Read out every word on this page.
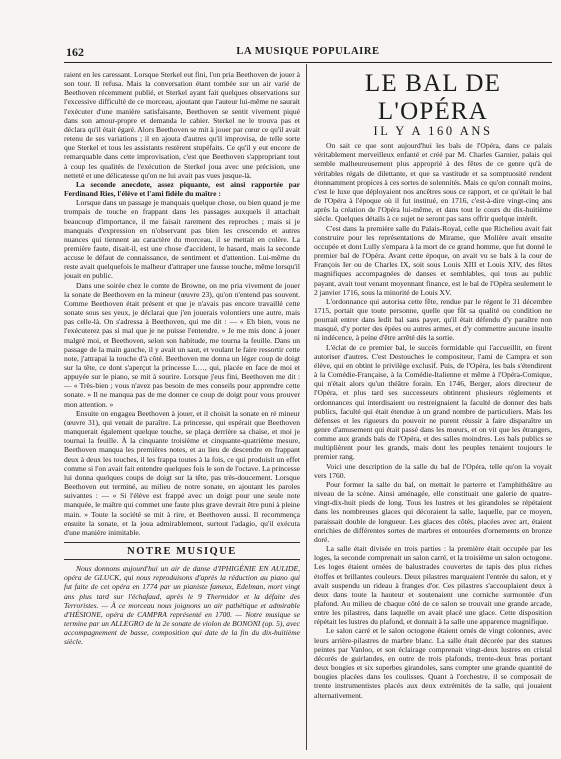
162	LA MUSIQUE POPULAIRE

raient en les caressant. Lorsque Sterkel eut fini, l'on pria Beethoven de jouer à son tour. Il refusa. Mais la conversation étant tombée sur un air varié de Beethoven récemment publié, et Sterkel ayant fait quelques observations sur l'excessive difficulté de ce morceau, ajoutant que l'auteur lui-même ne saurait l'exécuter d'une manière satisfaisante, Beethoven se sentit vivement piqué dans son amour-propre et demanda le cahier. Sterkel ne le trouva pas et déclara qu'il était égaré. Alors Beethoven se mit à jouer par cœur ce qu'il avait retenu de ses variations ; il en ajouta d'autres qu'il improvisa, de telle sorte que Sterkel et tous les assistants restèrent stupéfaits. Ce qu'il y eut encore de remarquable dans cette improvisation, c'est que Beethoven s'appropriant tout à coup les qualités de l'exécution de Sterkel joua avec une précision, une netteté et une délicatesse qu'on ne lui avait pas vues jusque-là.

La seconde anecdote, assez piquante, est ainsi rapportée par Ferdinand Ries, l'élève et l'ami fidèle du maître :

Lorsque dans un passage je manquais quelque chose, ou bien quand je me trompais de touche en frappant dans les passages auxquels il attachait beaucoup d'importance, il me faisait rarement des reproches ; mais si je manquais d'expression en n'observant pas bien les crescendo et autres nuances qui tiennent au caractère du morceau, il se mettait en colère. La première faute, disait-il, est une chose d'accident, le hasard, mais la seconde accuse le défaut de connaissance, de sentiment et d'attention. Lui-même du reste avait quelquefois le malheur d'attraper une fausse touche, même lorsqu'il jouait en public.

Dans une soirée chez le comte de Browne, on me pria vivement de jouer la sonate de Beethoven en la mineur (œuvre 23), qu'on n'entend pas souvent. Comme Beethoven était présent et que je n'avais pas encore travaillé cette sonate sous ses yeux, je déclarai que j'en jouerais volontiers une autre, mais pas celle-là. On s'adressa à Beethoven, qui me dit : — « Eh bien, vous ne l'exécuterez pas si mal que je ne puisse l'entendre. » Je me mis donc à jouer malgré moi, et Beethoven, selon son habitude, me tourna la feuille. Dans un passage de la main gauche, il y avait un saut, et voulant le faire ressortir cette note, j'attrapai la touche d'à côté. Beethoven me donna un léger coup de doigt sur la tête, ce dont s'aperçut la princesse L…, qui, placée en face de moi et appuyée sur le piano, se mit à sourire. Lorsque j'eus fini, Beethoven me dit : — « Très-bien ; vous n'avez pas besoin de mes conseils pour apprendre cette sonate. » Il ne manqua pas de me donner ce coup de doigt pour vous prouver mon attention. »

Ensuite on engagea Beethoven à jouer, et il choisit la sonate en ré mineur (œuvre 31), qui venait de paraître. La princesse, qui espérait que Beethoven manquerait également quelque touche, se plaça derrière sa chaise, et moi je tournai la feuille. À la cinquante troisième et cinquante-quatrième mesure, Beethoven manqua les premières notes, et au lieu de descendre en frappant deux à deux les touches, il les frappa toutes à la fois, ce qui produisit un effet comme si l'on avait fait entendre quelques fois le son de l'octave. La princesse lui donna quelques coups de doigt sur la tête, pas très-doucement. Lorsque Beethoven eut terminé, au milieu de notre sonate, en ajoutant les paroles suivantes : — « Si l'élève est frappé avec un doigt pour une seule note manquée, le maître qui commet une faute plus grave devrait être puni à pleine main. » Toute la société se mit à rire, et Beethoven aussi. Il recommença ensuite la sonate, et la joua admirablement, surtout l'adagio, qu'il exécuta d'une manière inimitable.

NOTRE MUSIQUE

Nous donnons aujourd'hui un air de danse d'IPHIGÉNIE EN AULIDE, opéra de GLUCK, qui nous reproduisons d'après la réduction au piano qui fut faite de cet opéra en 1774 par un pianiste fameux, Edelman, mort vingt ans plus tard sur l'échafaud, après le 9 Thermidor et la défaite des Terroristes. — À ce morceau nous joignons un air pathétique et admirable d'HÉSIONE, opéra de CAMPRA représenté en 1700. — Notre musique se termine par un ALLEGRO de la 2e sonate de violon de BONONI (op. 5), avec accompagnement de basse, composition qui date de la fin du dix-huitième siècle.

LE BAL DE L'OPÉRA
IL Y A 160 ANS

On sait ce que sont aujourd'hui les bals de l'Opéra, dans ce palais véritablement merveilleux enfanté et créé par M. Charles Garnier, palais qui semble malheureusement plus approprié à des fêtes de ce genre qu'à de véritables régals de dilettante, et que sa vastitude et sa somptuosité rendent étonnamment propices à ces sortes de solennités. Mais ce qu'on connaît moins, c'est le luxe que déployaient nos ancêtres sous ce rapport, et ce qu'était le bal de l'Opéra à l'époque où il fut institué, en 1716, c'est-à-dire vingt-cinq ans après la création de l'Opéra lui-même, et dans tout le cours du dix-huitième siècle. Quelques détails à ce sujet ne seront pas sans offrir quelque intérêt.

C'est dans la première salle du Palais-Royal, celle que Richelieu avait fait construire pour les représentations de Mirame, que Molière avait ensuite occupée et dont Lully s'empara à la mort de ce grand homme, que fut donné le premier bal de l'Opéra. Avant cette époque, on avait vu se bals à la cour de François Ier ou de Charles IX, soit sous Louis XIII et Louis XIV, des fêtes magnifiques accompagnées de danses et semblables, qui tous au public payant, avait tout venant moyennant finance, est le bal de l'Opéra seulement le 2 janvier 1716, sous la minorité de Louis XV.

L'ordonnance qui autorisa cette fête, rendue par le régent le 31 décembre 1715, portait que toute personne, quelle que fût sa qualité ou condition ne pourrait entrer dans ledit bal sans payer, qu'il était défendu d'y paraître non masqué, d'y porter des épées ou autres armes, et d'y commettre aucune insulte ni indécence, à peine d'être arrêté dès la sortie.

L'éclat de ce premier bal, le succès formidable qui l'accueillit, en firent autoriser d'autres. C'est Destouches le compositeur, l'ami de Campra et son élève, qui en obtint le privilège exclusif. Puis, de l'Opéra, les bals s'étendirent à la Comédie-Française, à la Comédie-Italienne et même à l'Opéra-Comique, qui n'était alors qu'un théâtre forain. En 1746, Berger, alors directeur de l'Opéra, et plus tard ses successeurs obtinrent plusieurs règlements et ordonnances qui interdisaient ou restreignaient la faculté de donner des bals publics, faculté qui était étendue à un grand nombre de particuliers. Mais les défenses et les rigueurs du pouvoir ne purent réussir à faire disparaître un genre d'amusement qui était passé dans les mœurs, et on vit que les étrangers, comme aux grands bals de l'Opéra, et des salles moindres. Les bals publics se multiplièrent pour les grands, mais dont les peuples tenaient toujours le premier rang.

Voici une description de la salle du bal de l'Opéra, telle qu'on la voyait vers 1760.

Pour former la salle du bal, on mettait le parterre et l'amphithéâtre au niveau de la scène. Ainsi aménagée, elle constituait une galerie de quatre-vingt-dix-huit pieds de long. Tous les lustres et les girandoles se répétaient dans les nombreuses glaces qui décoraient la salle, laquelle, par ce moyen, paraissait double de longueur. Les glaces des côtés, placées avec art, étaient enrichies de différentes sortes de marbres et entourées d'ornements en bronze doré.

La salle était divisée en trois parties : la première était occupée par les loges, la seconde comprenait un salon carré, et la troisième un salon octogone. Les loges étaient ornées de balustrades couvertes de tapis des plus riches étoffes et brillantes couleurs. Deux pilastres marquaient l'entrée du salon, et y avait suspendu un rideau à franges d'or. Ces pilastres s'accouplaient deux à deux dans toute la hauteur et soutenaient une corniche surmontée d'un plafond. Au milieu de chaque côté de ce salon se trouvait une grande arcade, entre les pilastres, dans laquelle on avait placé une glace. Cette disposition répétait les lustres du plafond, et donnait à la salle une apparence magnifique.

Le salon carré et le salon octogone étaient ornés de vingt colonnes, avec leurs arrière-pilastres de marbre blanc. La salle était décorée par des statues peintes par Vanloo, et son éclairage comprenait vingt-deux lustres en cristal décorés de guirlandes, en outre de trois plafonds, trente-deux bras portant deux bougies et six superbes girandoles, sans compter une grande quantité de bougies placées dans les coulisses. Quant à l'orchestre, il se composait de trente instrumentistes placés aux deux extrémités de la salle, qui jouaient alternativement.
